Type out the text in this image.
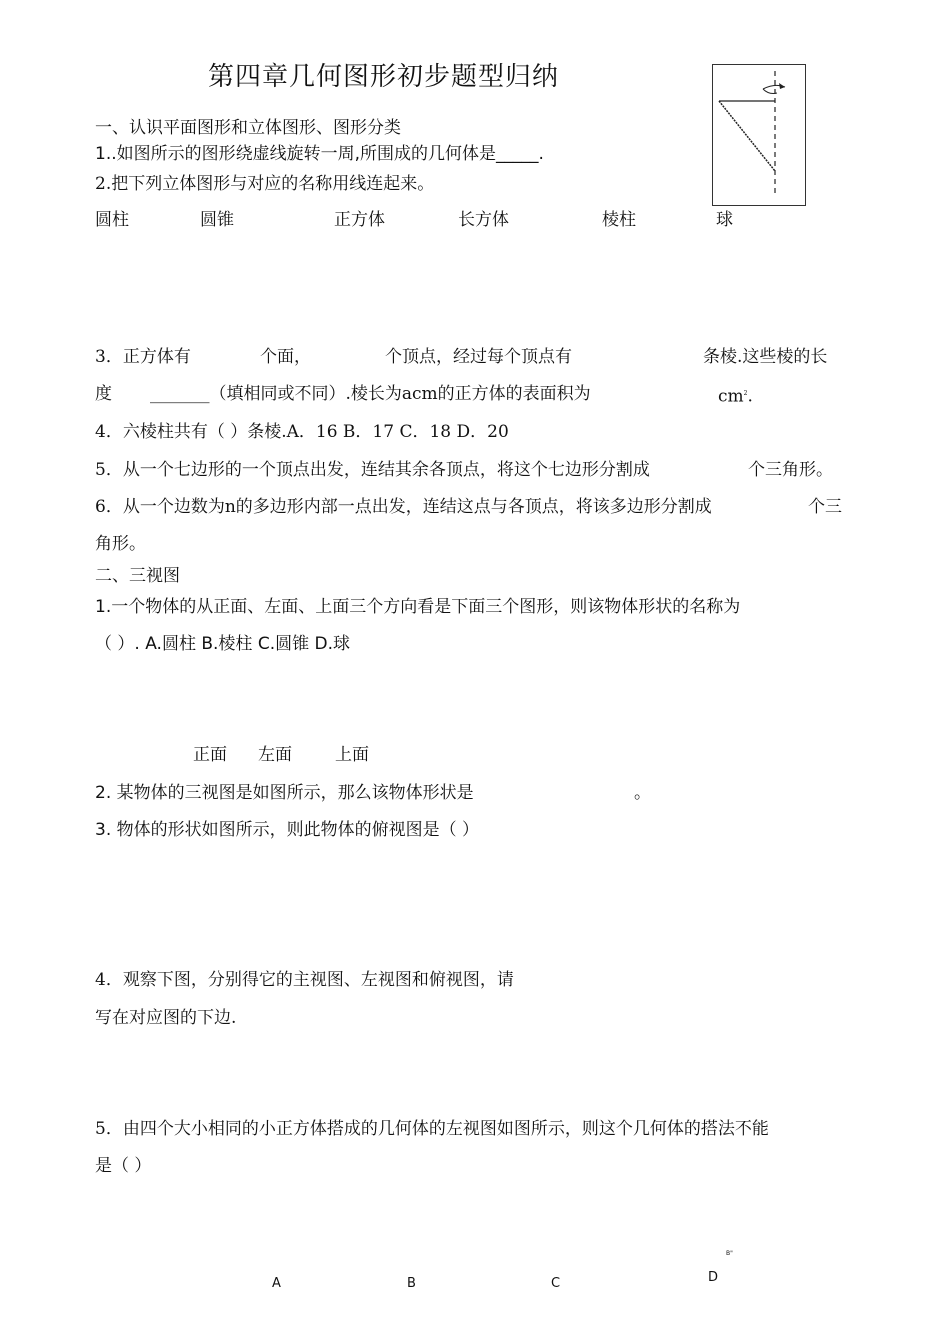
第四章几何图形初步题型归纳
一、认识平面图形和立体图形、图形分类
1..如图所示的图形绕虚线旋转一周,所围成的几何体是_____.
2.把下列立体图形与对应的名称用线连起来。
圆柱	圆锥	正方体	长方体	棱柱	球
3．正方体有	个面，	个顶点，经过每个顶点有	条棱.这些棱的长
度 _______（填相同或不同）.棱长为acm的正方体的表面积为	$cm^2$.
4．六棱柱共有（ ）条棱.A．16 B．17 C．18 D．20
5．从一个七边形的一个顶点出发，连结其余各顶点，将这个七边形分割成	个三角形。
6．从一个边数为n的多边形内部一点出发，连结这点与各顶点，将该多边形分割成	个三
角形。
二、三视图
1.一个物体的从正面、左面、上面三个方向看是下面三个图形，则该物体形状的名称为
（ ）. A.圆柱 B.棱柱 C.圆锥 D.球
正面 左面	上面
2. 某物体的三视图是如图所示，那么该物体形状是	。
3. 物体的形状如图所示，则此物体的俯视图是（ ）
4．观察下图，分别得它的主视图、左视图和俯视图，请
写在对应图的下边.
5．由四个大小相同的小正方体搭成的几何体的左视图如图所示，则这个几何体的搭法不能
是（ ）
A	B	C	D
B"
